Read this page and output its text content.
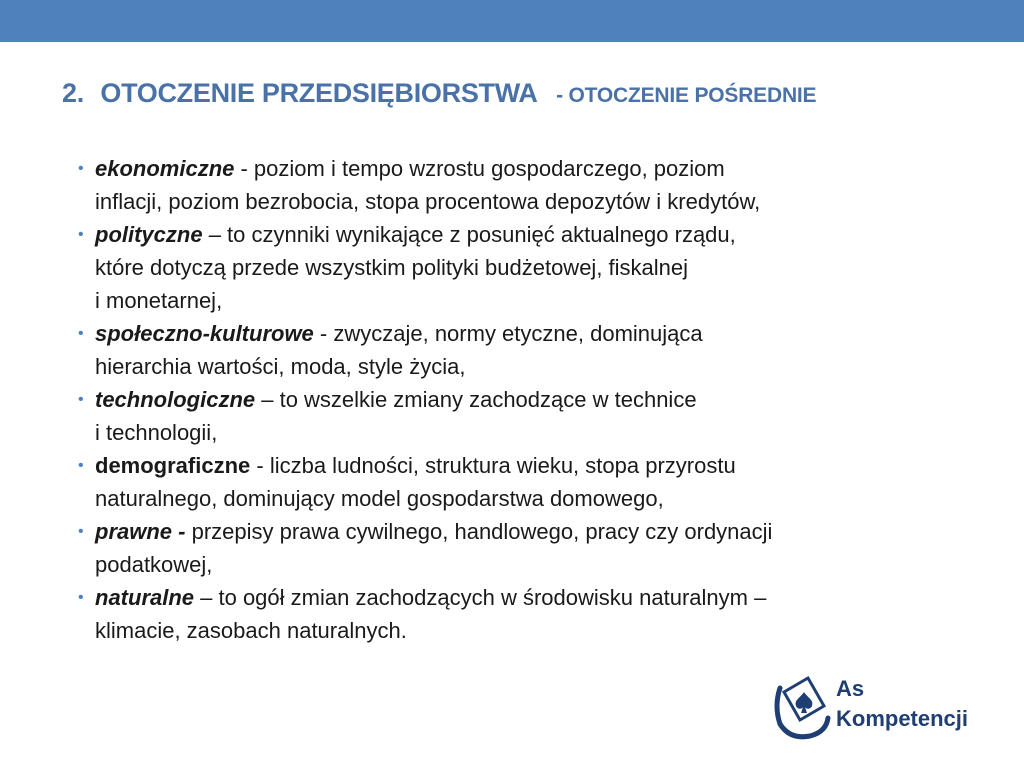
2. OTOCZENIE PRZEDSIĘBIORSTWA - OTOCZENIE POŚREDNIE
• ekonomiczne - poziom i tempo wzrostu gospodarczego, poziom
inflacji, poziom bezrobocia, stopa procentowa depozytów i kredytów,
• polityczne – to czynniki wynikające z posunięć aktualnego rządu,
które dotyczą przede wszystkim polityki budżetowej, fiskalnej
i monetarnej,
• społeczno-kulturowe - zwyczaje, normy etyczne, dominująca
hierarchia wartości, moda, style życia,
• technologiczne – to wszelkie zmiany zachodzące w technice
i technologii,
• demograficzne - liczba ludności, struktura wieku, stopa przyrostu
naturalnego, dominujący model gospodarstwa domowego,
• prawne - przepisy prawa cywilnego, handlowego, pracy czy ordynacji
podatkowej,
• naturalne – to ogół zmian zachodzących w środowisku naturalnym –
klimacie, zasobach naturalnych.
As
Kompetencji
